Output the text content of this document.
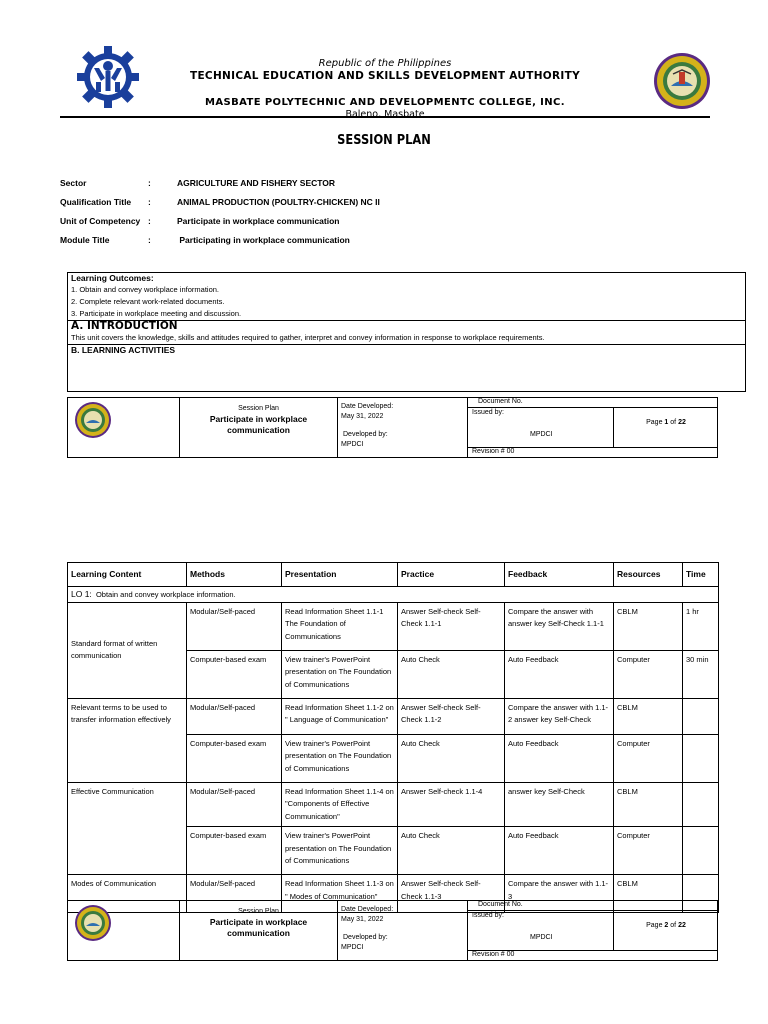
Republic of the Philippines
TECHNICAL EDUCATION AND SKILLS DEVELOPMENT AUTHORITY
MASBATE POLYTECHNIC AND DEVELOPMENTC COLLEGE, INC.
Baleno, Masbate
SESSION PLAN
Sector	:	AGRICULTURE AND FISHERY SECTOR
Qualification Title :	ANIMAL PRODUCTION (POULTRY-CHICKEN) NC II
Unit of Competency :	Participate in workplace communication
Module Title	:	Participating in workplace communication
Learning Outcomes:
1. Obtain and convey workplace information.
2. Complete relevant work-related documents.
3. Participate in workplace meeting and discussion.
A. INTRODUCTION
This unit covers the knowledge, skills and attitudes required to gather, interpret and convey information in response to workplace requirements.
B. LEARNING ACTIVITIES
Session Plan
Participate in workplace communication
Date Developed:
May 31, 2022
Developed by:
MPDCI
Document No.
Issued by:
MPDCI
Revision # 00
Page 1 of 22
Learning Content	Methods	Presentation	Practice	Feedback	Resources	Time
LO 1: Obtain and convey workplace information.						
Standard format of written communication	Modular/Self-paced	Read Information Sheet 1.1-1 The Foundation of Communications	Answer Self-check Self-Check 1.1-1	Compare the answer with answer key Self-Check 1.1-1	CBLM	1 hr
	Computer-based exam	View trainer's PowerPoint presentation on The Foundation of Communications	Auto Check	Auto Feedback	Computer	30 min
Relevant terms to be used to transfer information effectively	Modular/Self-paced	Read Information Sheet 1.1-2 on " Language of Communication"	Answer Self-check Self-Check 1.1-2	Compare the answer with 1.1-2 answer key Self-Check	CBLM	
	Computer-based exam	View trainer's PowerPoint presentation on The Foundation of Communications	Auto Check	Auto Feedback	Computer	
Effective Communication	Modular/Self-paced	Read Information Sheet 1.1-4 on "Components of Effective Communication"	Answer Self-check 1.1-4	answer key Self-Check	CBLM	
	Computer-based exam	View trainer's PowerPoint presentation on The Foundation of Communications	Auto Check	Auto Feedback	Computer	
Modes of Communication	Modular/Self-paced	Read Information Sheet 1.1-3 on " Modes of Communication"	Answer Self-check Self-Check 1.1-3	Compare the answer with 1.1-3	CBLM	
Session Plan
Participate in workplace communication
Date Developed:
May 31, 2022
Developed by:
MPDCI
Document No.
Issued by:
MPDCI
Revision # 00
Page 2 of 22
